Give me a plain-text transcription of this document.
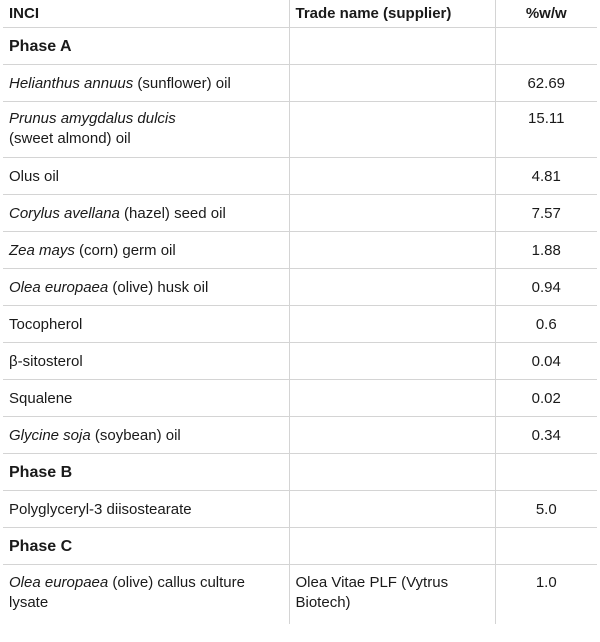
INCI	Trade name (supplier)	%w/w
Phase A		
Helianthus annuus (sunflower) oil		62.69
Prunus amygdalus dulcis
(sweet almond) oil		15.11
Olus oil		4.81
Corylus avellana (hazel) seed oil		7.57
Zea mays (corn) germ oil		1.88
Olea europaea (olive) husk oil		0.94
Tocopherol		0.6
β-sitosterol		0.04
Squalene		0.02
Glycine soja (soybean) oil		0.34
Phase B		
Polyglyceryl-3 diisostearate		5.0
Phase C		
Olea europaea (olive) callus culture lysate	Olea Vitae PLF (Vytrus Biotech)	1.0
